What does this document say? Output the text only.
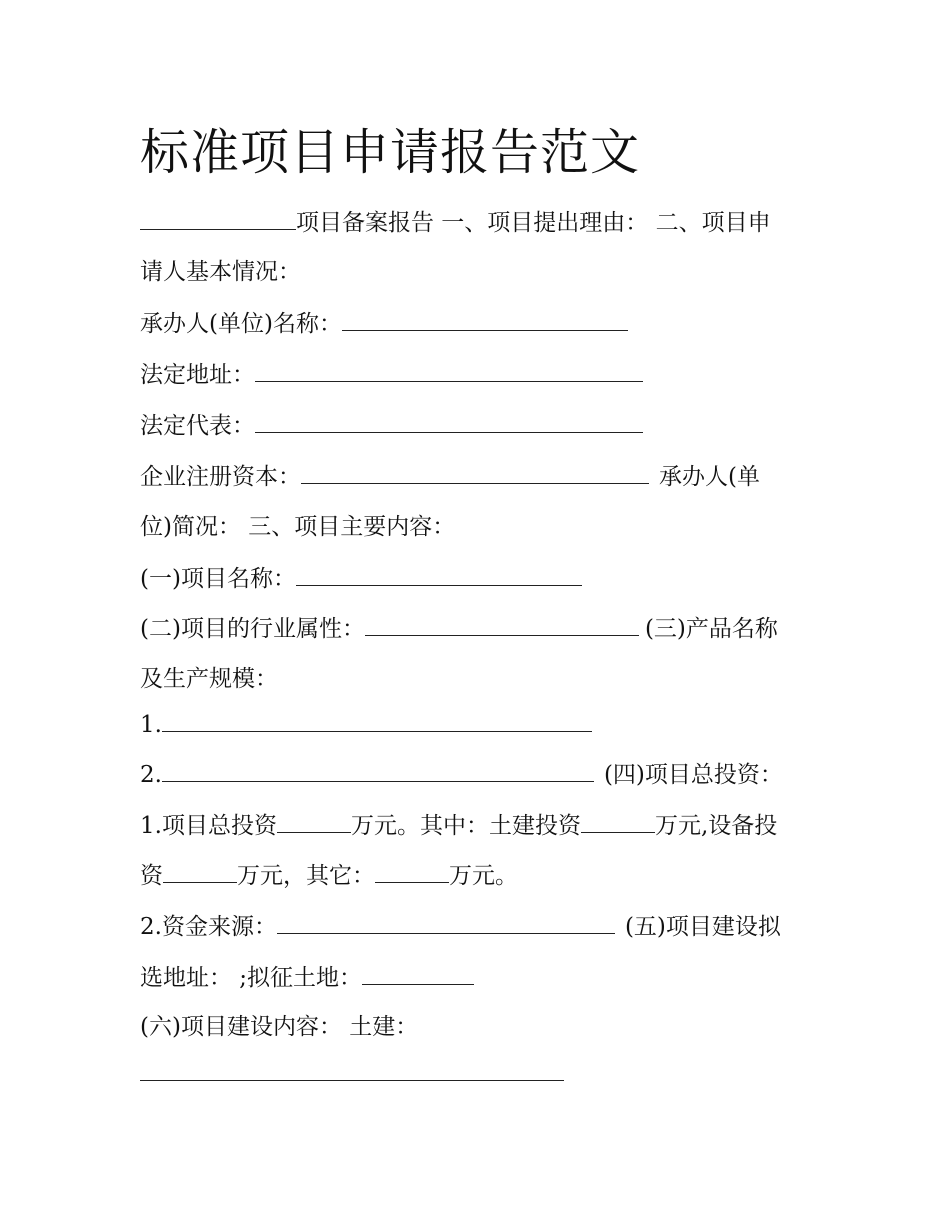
标准项目申请报告范文
项目备案报告 一、项目提出理由： 二、项目申
请人基本情况：
承办人(单位)名称：
法定地址：
法定代表：
企业注册资本：	承办人(单
位)简况： 三、项目主要内容：
(一)项目名称：
(二)项目的行业属性：	(三)产品名称
及生产规模：
1.
2.	(四)项目总投资：
1.项目总投资	万元。其中：土建投资	万元,设备投
资	万元，其它：	万元。
2.资金来源：	(五)项目建设拟
选地址： ;拟征土地：
(六)项目建设内容： 土建：
